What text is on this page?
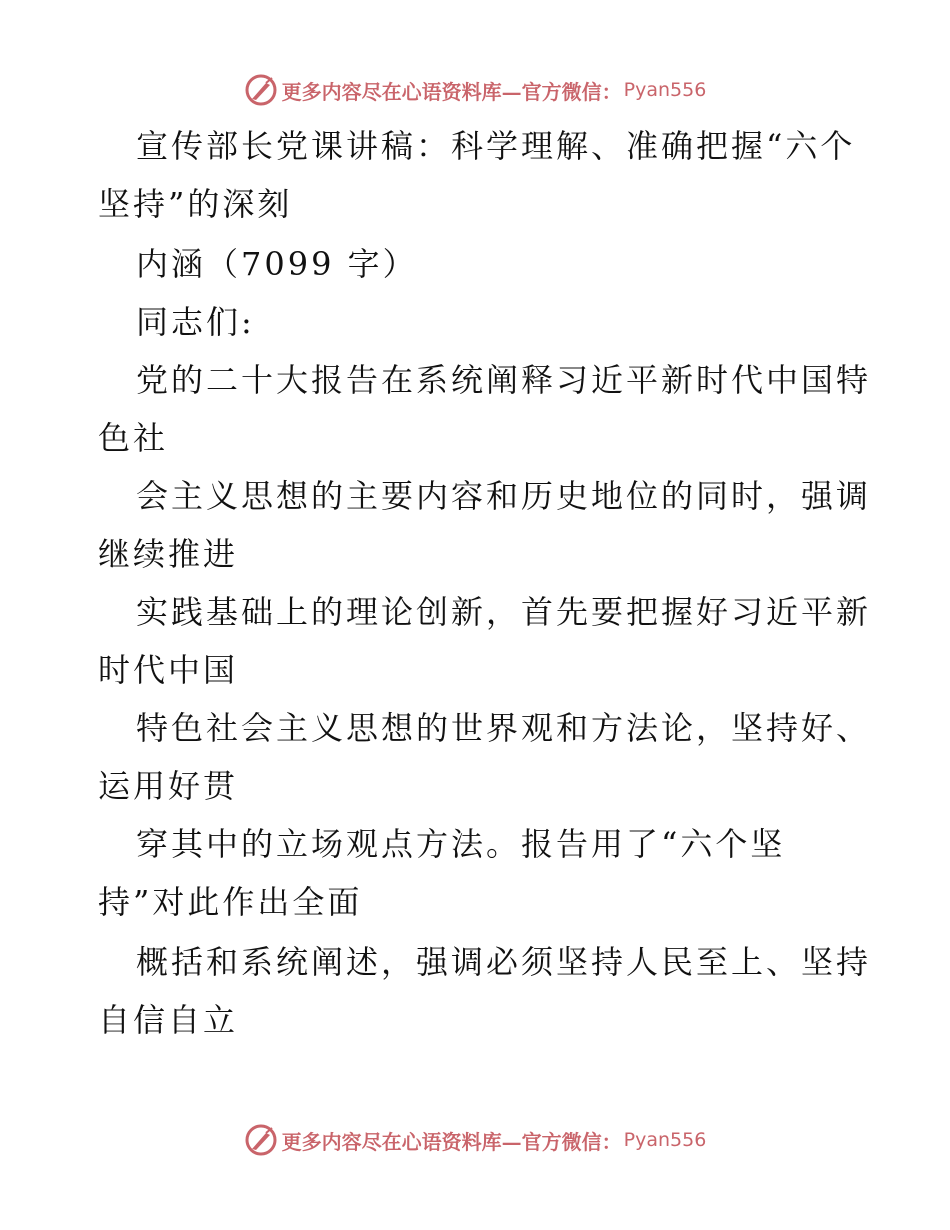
更多内容尽在心语资料库—官方微信： Pyan556
宣传部长党课讲稿：科学理解、准确把握“六个
坚持”的深刻
内涵（7099 字）
同志们:
党的二十大报告在系统阐释习近平新时代中国特
色社
会主义思想的主要内容和历史地位的同时，强调
继续推进
实践基础上的理论创新，首先要把握好习近平新
时代中国
特色社会主义思想的世界观和方法论，坚持好、
运用好贯
穿其中的立场观点方法。报告用了“六个坚
持”对此作出全面
概括和系统阐述，强调必须坚持人民至上、坚持
自信自立
更多内容尽在心语资料库—官方微信： Pyan556
